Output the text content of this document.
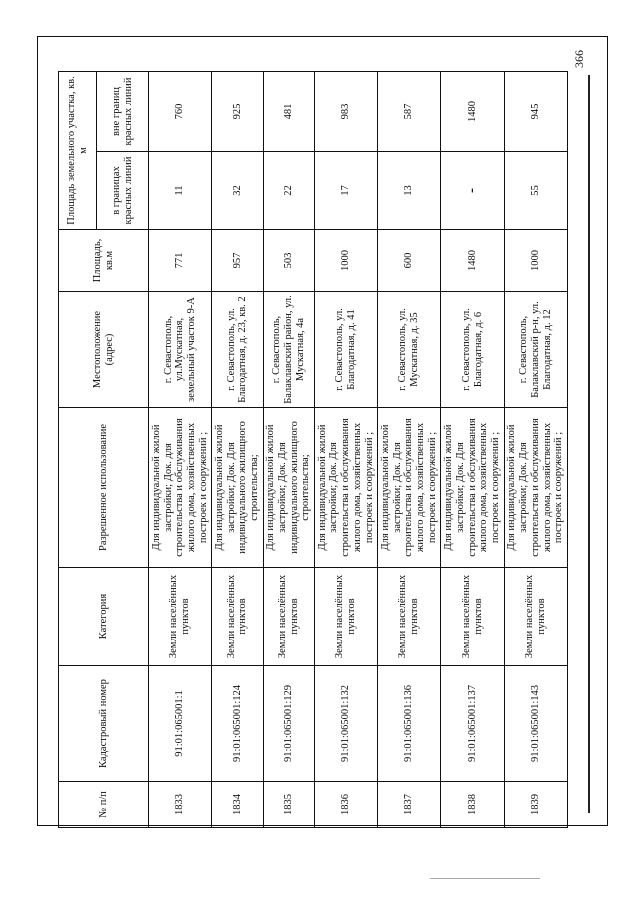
366
№ п/п	Кадастровый номер	Категория	Разрешенное использование	Местоположение (адрес)	Площадь, кв.м	Площадь земельного участка, кв. м	
						в границах красных линий	вне границ красных линий
1833	91:01:065001:1	Земли населённых пунктов	Для индивидуальной жилой застройки; Док. для строительства и обслуживания жилого дома, хозяйственных построек и сооружений ;	г. Севастополь, ул.Мускатная, земельный участок 9-А	771	11	760
1834	91:01:065001:124	Земли населённых пунктов	Для индивидуальной жилой застройки; Док. Для индивидуального жилищного строительства;	г. Севастополь, ул. Благодатная, д. 23, кв. 2	957	32	925
1835	91:01:065001:129	Земли населённых пунктов	Для индивидуальной жилой застройки; Док. Для индивидуального жилищного строительства;	г. Севастополь, Балаклавский район, ул. Мускатная, 4а	503	22	481
1836	91:01:065001:132	Земли населённых пунктов	Для индивидуальной жилой застройки; Док. Для строительства и обслуживания жилого дома, хозяйственных построек и сооружений ;	г. Севастополь, ул. Благодатная, д. 41	1000	17	983
1837	91:01:065001:136	Земли населённых пунктов	Для индивидуальной жилой застройки; Док. Для строительства и обслуживания жилого дома, хозяйственных построек и сооружений ;	г. Севастополь, ул. Мускатная, д. 35	600	13	587
1838	91:01:065001:137	Земли населённых пунктов	Для индивидуальной жилой застройки; Док. Для строительства и обслуживания жилого дома, хозяйственных построек и сооружений ;	г. Севастополь, ул. Благодатная, д. 6	1480	-	1480
1839	91:01:065001:143	Земли населённых пунктов	Для индивидуальной жилой застройки; Док. Для строительства и обслуживания жилого дома, хозяйственных построек и сооружений ;	г. Севастополь, Балаклавский р-н, ул. Благодатная, д. 12	1000	55	945
